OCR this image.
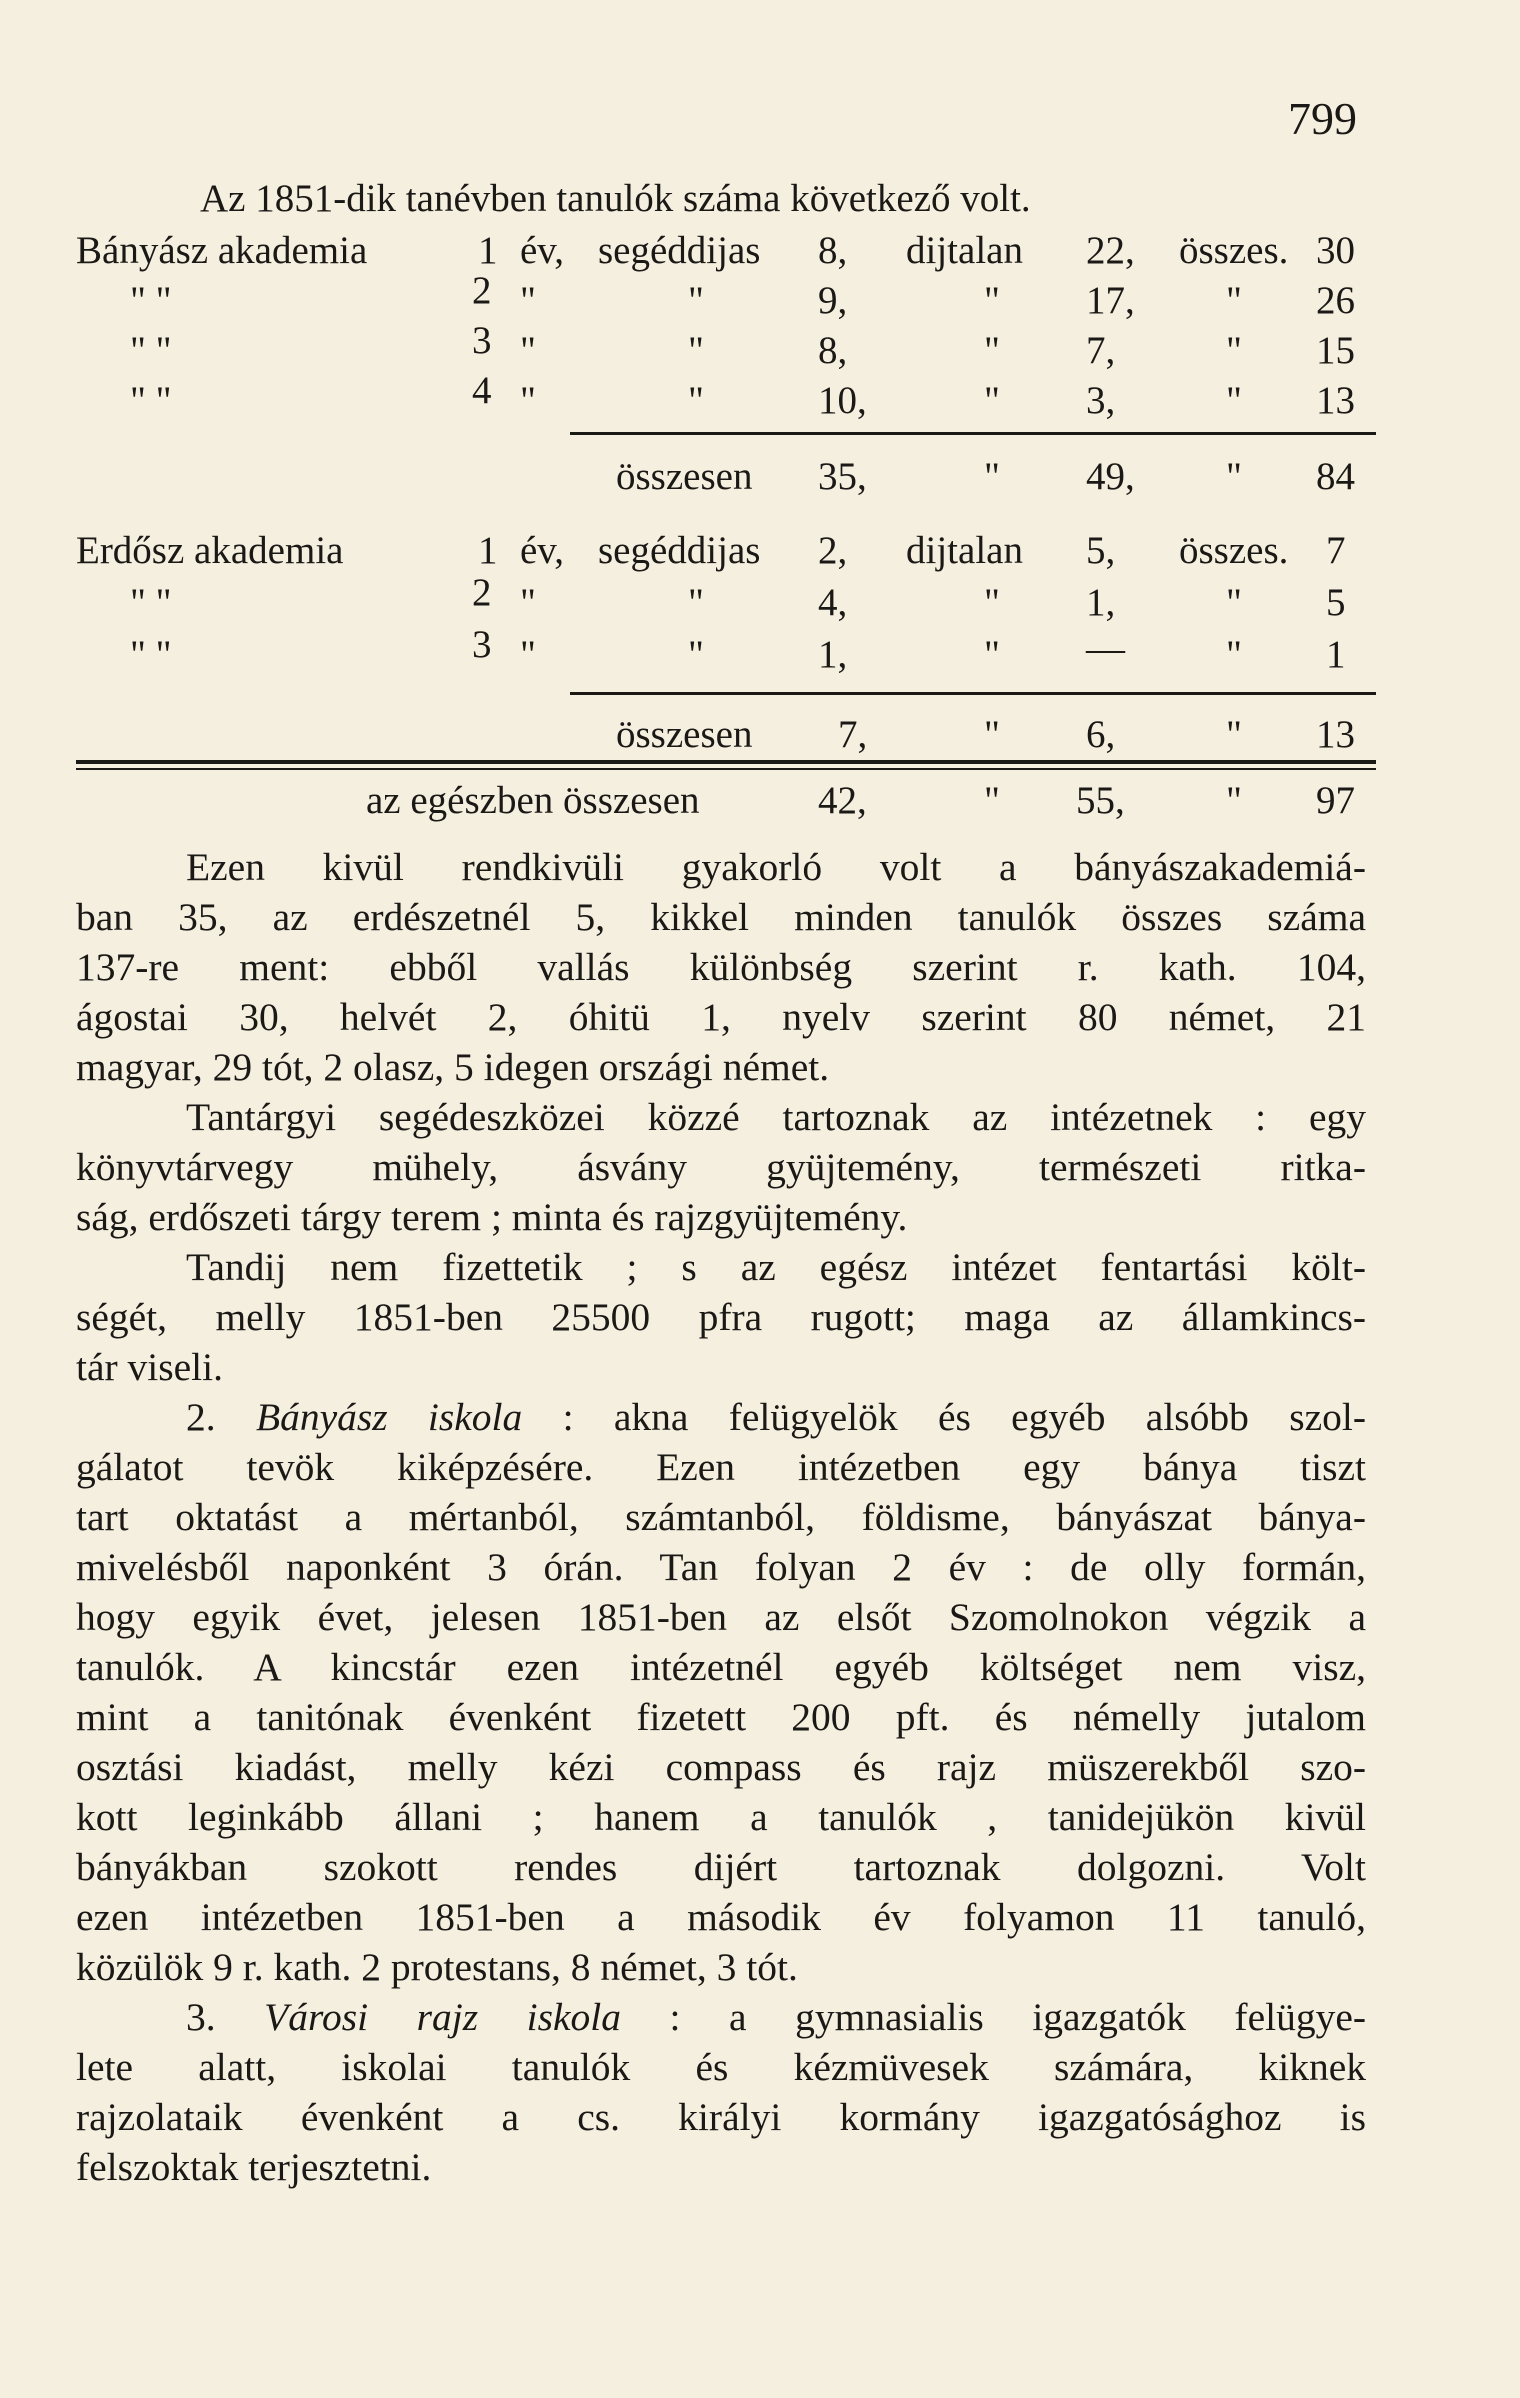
799
Az 1851-dik tanévben tanulók száma következő volt.
Bányász akademia	1 év, segéddijas 8, dijtalan 22, összes. 30
" "	2 "	"	9,	" 17, " 26
" "	3 "	"	8,	" 7,	" 15
" "	4 "	"	10,	" 3,	" 13
összesen 35,	" 49, " 84
Erdősz akademia	1 év, segéddijas 2, dijtalan 5, összes. 7
" "	2 "	"	4,	" 1,	" 5
" "	3 "	"	1,	" —	" 1
összesen 7,	" 6,	" 13
az egészben összesen	42,	" 55,	" 97
Ezen kivül rendkivüli gyakorló volt a bányászakademiá-
ban 35, az erdészetnél 5, kikkel minden tanulók összes száma
137-re ment: ebből vallás különbség szerint r. kath. 104,
ágostai 30, helvét 2, óhitü 1, nyelv szerint 80 német, 21
magyar, 29 tót, 2 olasz, 5 idegen országi német.
Tantárgyi segédeszközei közzé tartoznak az intézetnek : egy
könyvtárvegy mühely, ásvány gyüjtemény, természeti ritka-
ság, erdőszeti tárgy terem ; minta és rajzgyüjtemény.
Tandij nem fizettetik ; s az egész intézet fentartási költ-
ségét, melly 1851-ben 25500 pfra rugott; maga az államkincs-
tár viseli.
2. Bányász iskola : akna felügyelök és egyéb alsóbb szol-
gálatot tevök kiképzésére. Ezen intézetben egy bánya tiszt
tart oktatást a mértanból, számtanból, földisme, bányászat bánya-
mivelésből naponként 3 órán. Tan folyan 2 év : de olly formán,
hogy egyik évet, jelesen 1851-ben az elsőt Szomolnokon végzik a
tanulók. A kincstár ezen intézetnél egyéb költséget nem visz,
mint a tanitónak évenként fizetett 200 pft. és némelly jutalom
osztási kiadást, melly kézi compass és rajz müszerekből szo-
kott leginkább állani ; hanem a tanulók , tanidejükön kivül
bányákban szokott rendes dijért tartoznak dolgozni. Volt
ezen intézetben 1851-ben a második év folyamon 11 tanuló,
közülök 9 r. kath. 2 protestans, 8 német, 3 tót.
3. Városi rajz iskola : a gymnasialis igazgatók felügye-
lete alatt, iskolai tanulók és kézmüvesek számára, kiknek
rajzolataik évenként a cs. királyi kormány igazgatósághoz is
felszoktak terjesztetni.
